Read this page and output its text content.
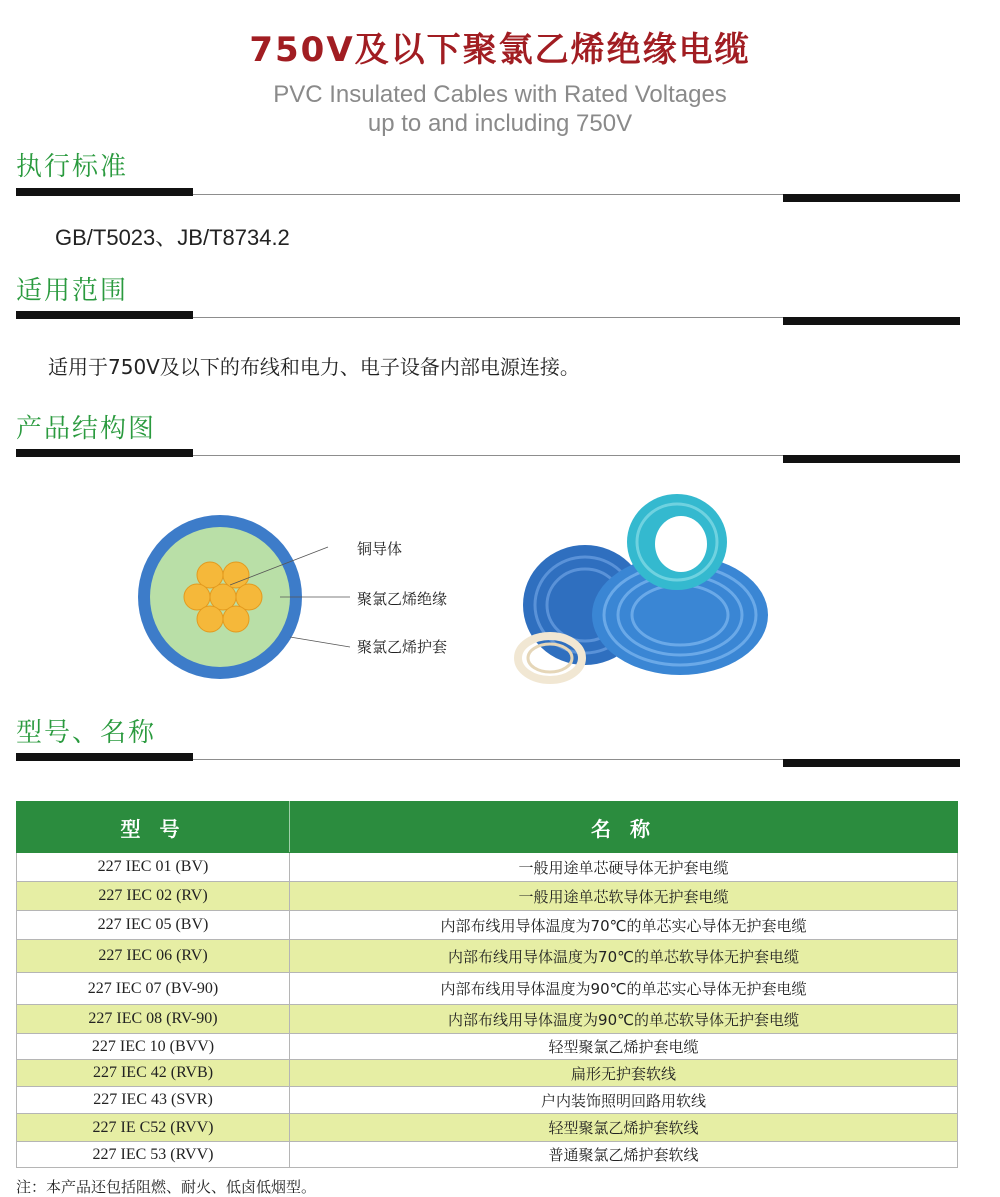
750V及以下聚氯乙烯绝缘电缆
PVC Insulated Cables with Rated Voltages
up to and including 750V
执行标准
GB/T5023、JB/T8734.2
适用范围
适用于750V及以下的布线和电力、电子设备内部电源连接。
产品结构图
铜导体
聚氯乙烯绝缘
聚氯乙烯护套
型号、名称
型 号	名 称
227 IEC 01 (BV)	一般用途单芯硬导体无护套电缆
227 IEC 02 (RV)	一般用途单芯软导体无护套电缆
227 IEC 05 (BV)	内部布线用导体温度为70℃的单芯实心导体无护套电缆
227 IEC 06 (RV)	内部布线用导体温度为70℃的单芯软导体无护套电缆
227 IEC 07 (BV-90)	内部布线用导体温度为90℃的单芯实心导体无护套电缆
227 IEC 08 (RV-90)	内部布线用导体温度为90℃的单芯软导体无护套电缆
227 IEC 10 (BVV)	轻型聚氯乙烯护套电缆
227 IEC 42 (RVB)	扁形无护套软线
227 IEC 43 (SVR)	户内装饰照明回路用软线
227 IE C52 (RVV)	轻型聚氯乙烯护套软线
227 IEC 53 (RVV)	普通聚氯乙烯护套软线
注：本产品还包括阻燃、耐火、低卤低烟型。
